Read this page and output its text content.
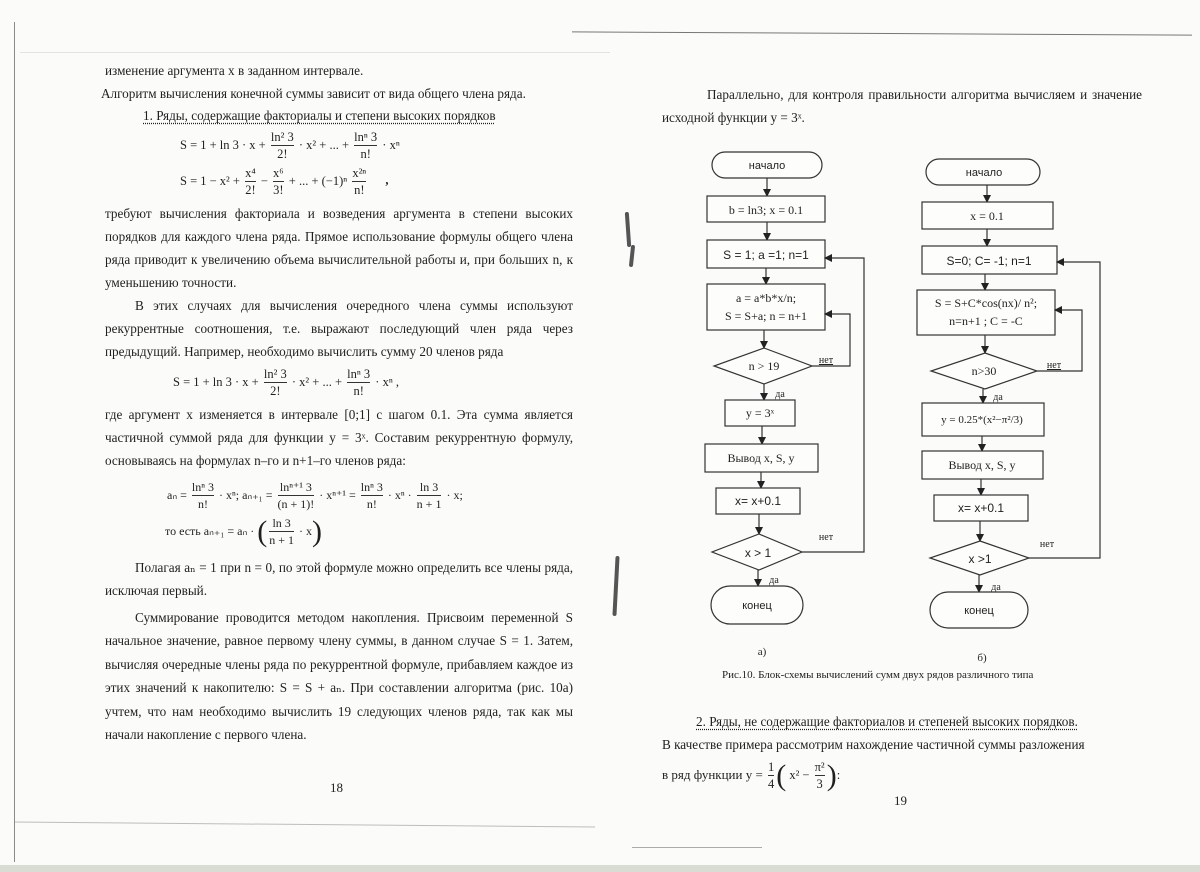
изменение аргумента x в заданном интервале.

Алгоритм вычисления конечной суммы зависит от вида общего члена ряда.

1. Ряды, содержащие факториалы и степени высоких порядков

$S = 1 + \ln 3 \cdot x + \frac{\text{ln² 3}}{2!} \cdot x^2$ + ... + $\frac{\text{lnⁿ 3}}{n!} \cdot x^n$
$S = 1 - x^2 + \frac{\text{x⁴}}{2!} - \frac{\text{x⁶}}{3!}$ + ... + $(-1)^n \frac{\text{x²ⁿ}}{n!}$ ,

требуют вычисления факториала и возведения аргумента в степени высоких порядков для каждого члена ряда. Прямое использование формулы общего члена ряда приводит к увеличению объема вычислительной работы и, при больших n, к уменьшению точности.

В этих случаях для вычисления очередного члена суммы используют рекуррентные соотношения, т.е. выражают последующий член ряда через предыдущий. Например, необходимо вычислить сумму 20 членов ряда

$S = 1 + \ln 3 \cdot x + \frac{\text{ln² 3}}{2!} \cdot x^2$ + ... + $\frac{\text{lnⁿ 3}}{n!} \cdot x^n$ ,

где аргумент x изменяется в интервале [0;1] с шагом 0.1. Эта сумма является частичной суммой ряда для функции y = 3ˣ. Составим рекуррентную формулу, основываясь на формулах n–го и n+1–го членов ряда:

$a_n = \frac{\text{lnⁿ 3}}{n!} \cdot x^n$; $a_{n+1} = \frac{\text{lnⁿ⁺¹ 3}}{(n + 1)!} \cdot x^{n+1} = \frac{\text{lnⁿ 3}}{n!} \cdot x^n \cdot \frac{\ln 3}{n + 1} \cdot x$;
то есть aₙ₊₁ = aₙ · ( $\frac{\ln 3}{n + 1} \cdot x$)

Полагая aₙ = 1 при n = 0, по этой формуле можно определить все члены ряда, исключая первый.

Суммирование проводится методом накопления. Присвоим переменной S начальное значение, равное первому члену суммы, в данном случае S = 1. Затем, вычисляя очередные члены ряда по рекуррентной формуле, прибавляем каждое из этих значений к накопителю: S = S + aₙ. При составлении алгоритма (рис. 10а) учтем, что нам необходимо вычислить 19 следующих членов ряда, так как мы начали накопление с первого члена.

18

Параллельно, для контроля правильности алгоритма вычисляем и значение исходной функции y = 3ˣ.

начало
b = ln3; x = 0.1
S = 1; a =1; n=1
a = a*b*x/n;
S = S+a; n = n+1
n > 19	нет
да
y = 3ˣ
Вывод x, S, y
x= x+0.1
x > 1
нет
да
конец
а)
начало
x = 0.1
S=0; C= -1; n=1
S = S+C*cos(nx)/ n²;
n=n+1 ; C = -C
n>30	нет
да
y = 0.25*(x²−π²/3)
Вывод x, S, y
x= x+0.1
x >1
нет
да
конец
б)
Рис.10. Блок-схемы вычислений сумм двух рядов различного типа

2. Ряды, не содержащие факториалов и степеней высоких порядков.

В качестве примера рассмотрим нахождение частичной суммы разложения

в ряд функции $y = \frac{1}{4}$ ( $x^2 - \frac{\text{π²}}{3}$ ):
19
